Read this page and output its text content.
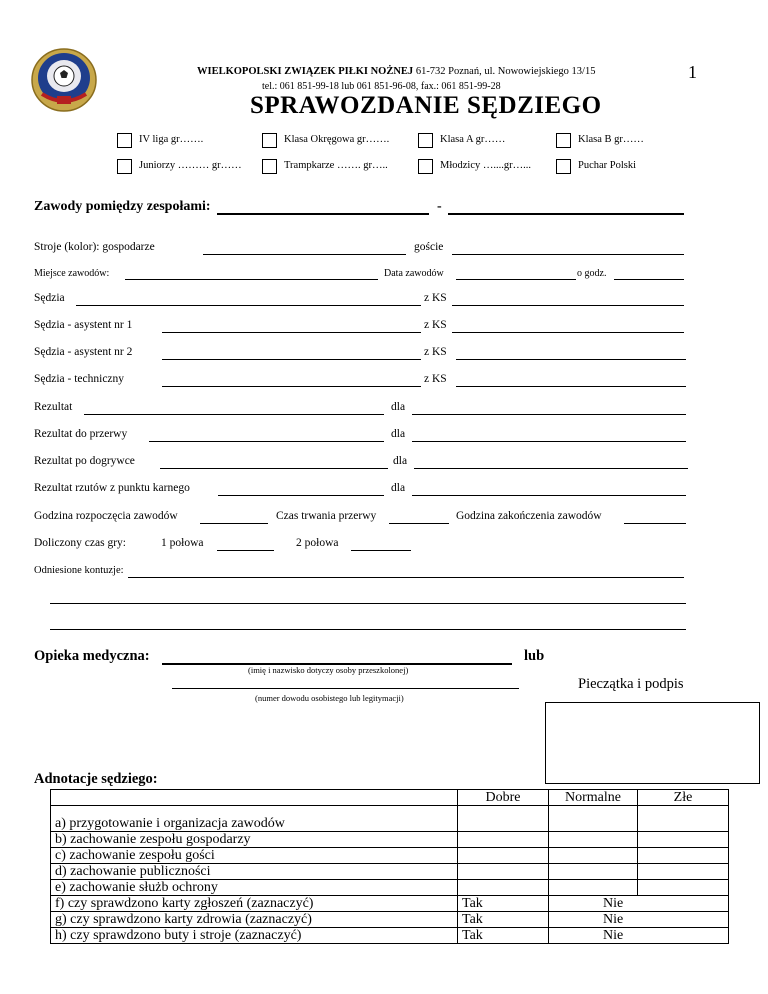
WIELKOPOLSKI ZWIĄZEK PIŁKI NOŻNEJ 61-732 Poznań, ul. Nowowiejskiego 13/15
tel.: 061 851-99-18 lub 061 851-96-08, fax.: 061 851-99-28
1
SPRAWOZDANIE SĘDZIEGO
IV liga gr…….	Klasa Okręgowa gr…….	Klasa A gr……	Klasa B gr……
Juniorzy ……… gr……	Trampkarze ……. gr…..	Młodzicy …....gr…...	Puchar Polski
Zawody pomiędzy zespołami:	-
Stroje (kolor): gospodarze	goście
Miejsce zawodów:	Data zawodów	o godz.
Sędzia	z KS
Sędzia - asystent nr 1	z KS
Sędzia - asystent nr 2	z KS
Sędzia - techniczny	z KS
Rezultat	dla
Rezultat do przerwy	dla
Rezultat po dogrywce	dla
Rezultat rzutów z punktu karnego	dla
Godzina rozpoczęcia zawodów	Czas trwania przerwy	Godzina zakończenia zawodów
Doliczony czas gry:	1 połowa	2 połowa
Odniesione kontuzje:
Opieka medyczna:	lub
(imię i nazwisko dotyczy osoby przeszkolonej)
(numer dowodu osobistego lub legitymacji)
Pieczątka i podpis
Adnotacje sędziego:
	Dobre	Normalne	Złe
a) przygotowanie i organizacja zawodów			
b) zachowanie zespołu gospodarzy			
c) zachowanie zespołu gości			
d) zachowanie publiczności			
e) zachowanie służb ochrony			
f) czy sprawdzono karty zgłoszeń (zaznaczyć)	Tak	Nie	
g) czy sprawdzono karty zdrowia (zaznaczyć)	Tak	Nie	
h) czy sprawdzono buty i stroje (zaznaczyć)	Tak	Nie	
